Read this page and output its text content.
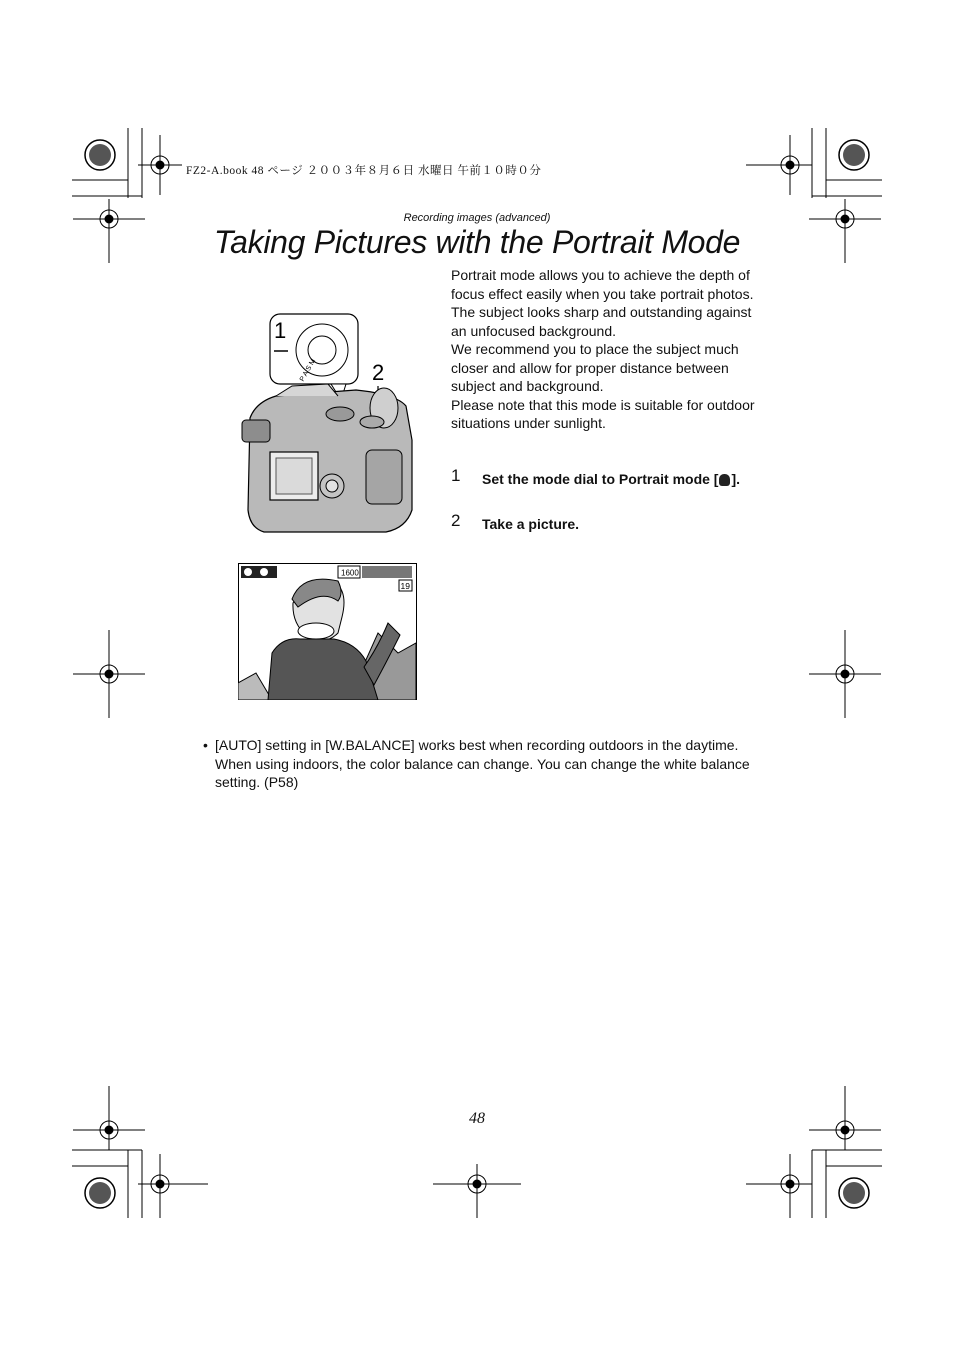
FZ2-A.book 48 ページ ２００３年８月６日 水曜日 午前１０時０分
Recording images (advanced)
Taking Pictures with the Portrait Mode
P A S M
1
2
1600
19

Portrait mode allows you to achieve the depth of focus effect easily when you take portrait photos. The subject looks sharp and outstanding against an unfocused background.

We recommend you to place the subject much closer and allow for proper distance between subject and background.

Please note that this mode is suitable for outdoor situations under sunlight.

1 Set the mode dial to Portrait mode [ ].
2 Take a picture.
• [AUTO] setting in [W.BALANCE] works best when recording outdoors in the daytime. When using indoors, the color balance can change. You can change the white balance setting. (P58)
48
